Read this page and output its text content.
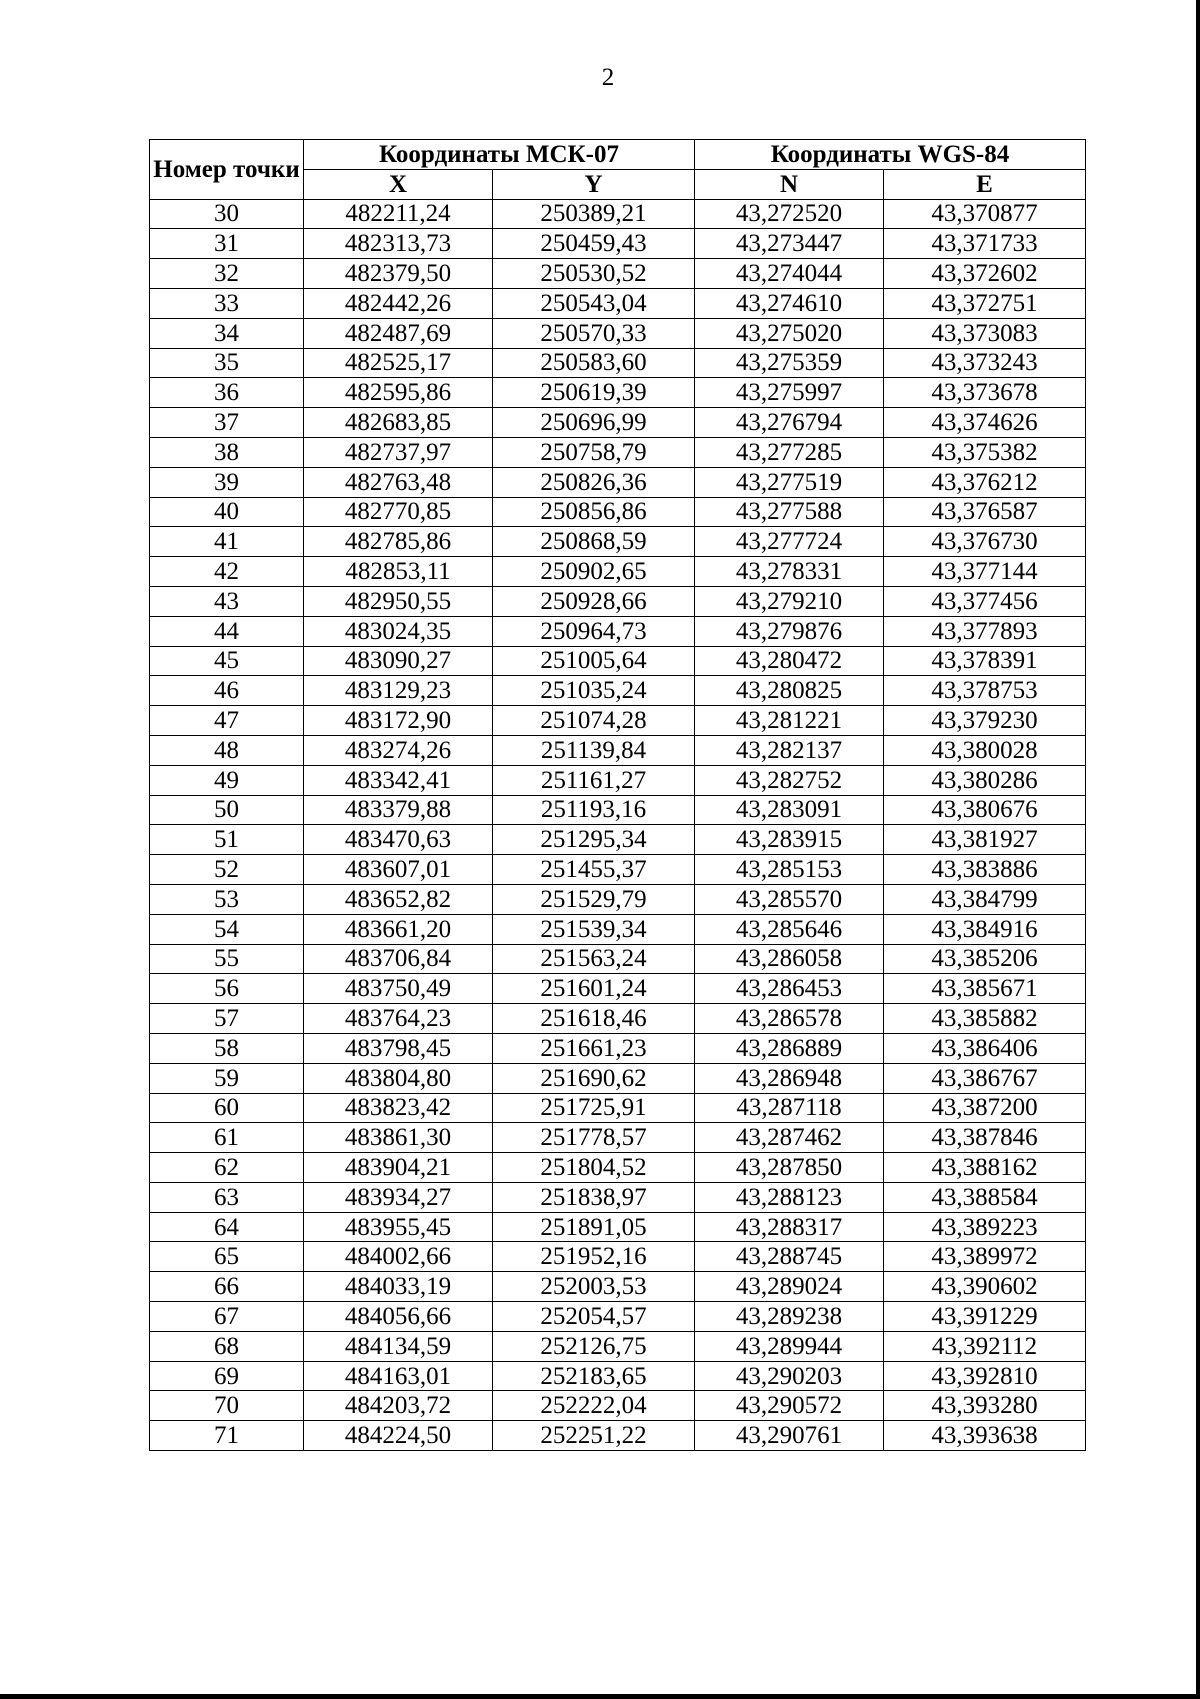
2
Номер точки	Координаты МСК-07		Координаты WGS-84	
	X	Y	N	E
30	482211,24	250389,21	43,272520	43,370877
31	482313,73	250459,43	43,273447	43,371733
32	482379,50	250530,52	43,274044	43,372602
33	482442,26	250543,04	43,274610	43,372751
34	482487,69	250570,33	43,275020	43,373083
35	482525,17	250583,60	43,275359	43,373243
36	482595,86	250619,39	43,275997	43,373678
37	482683,85	250696,99	43,276794	43,374626
38	482737,97	250758,79	43,277285	43,375382
39	482763,48	250826,36	43,277519	43,376212
40	482770,85	250856,86	43,277588	43,376587
41	482785,86	250868,59	43,277724	43,376730
42	482853,11	250902,65	43,278331	43,377144
43	482950,55	250928,66	43,279210	43,377456
44	483024,35	250964,73	43,279876	43,377893
45	483090,27	251005,64	43,280472	43,378391
46	483129,23	251035,24	43,280825	43,378753
47	483172,90	251074,28	43,281221	43,379230
48	483274,26	251139,84	43,282137	43,380028
49	483342,41	251161,27	43,282752	43,380286
50	483379,88	251193,16	43,283091	43,380676
51	483470,63	251295,34	43,283915	43,381927
52	483607,01	251455,37	43,285153	43,383886
53	483652,82	251529,79	43,285570	43,384799
54	483661,20	251539,34	43,285646	43,384916
55	483706,84	251563,24	43,286058	43,385206
56	483750,49	251601,24	43,286453	43,385671
57	483764,23	251618,46	43,286578	43,385882
58	483798,45	251661,23	43,286889	43,386406
59	483804,80	251690,62	43,286948	43,386767
60	483823,42	251725,91	43,287118	43,387200
61	483861,30	251778,57	43,287462	43,387846
62	483904,21	251804,52	43,287850	43,388162
63	483934,27	251838,97	43,288123	43,388584
64	483955,45	251891,05	43,288317	43,389223
65	484002,66	251952,16	43,288745	43,389972
66	484033,19	252003,53	43,289024	43,390602
67	484056,66	252054,57	43,289238	43,391229
68	484134,59	252126,75	43,289944	43,392112
69	484163,01	252183,65	43,290203	43,392810
70	484203,72	252222,04	43,290572	43,393280
71	484224,50	252251,22	43,290761	43,393638
